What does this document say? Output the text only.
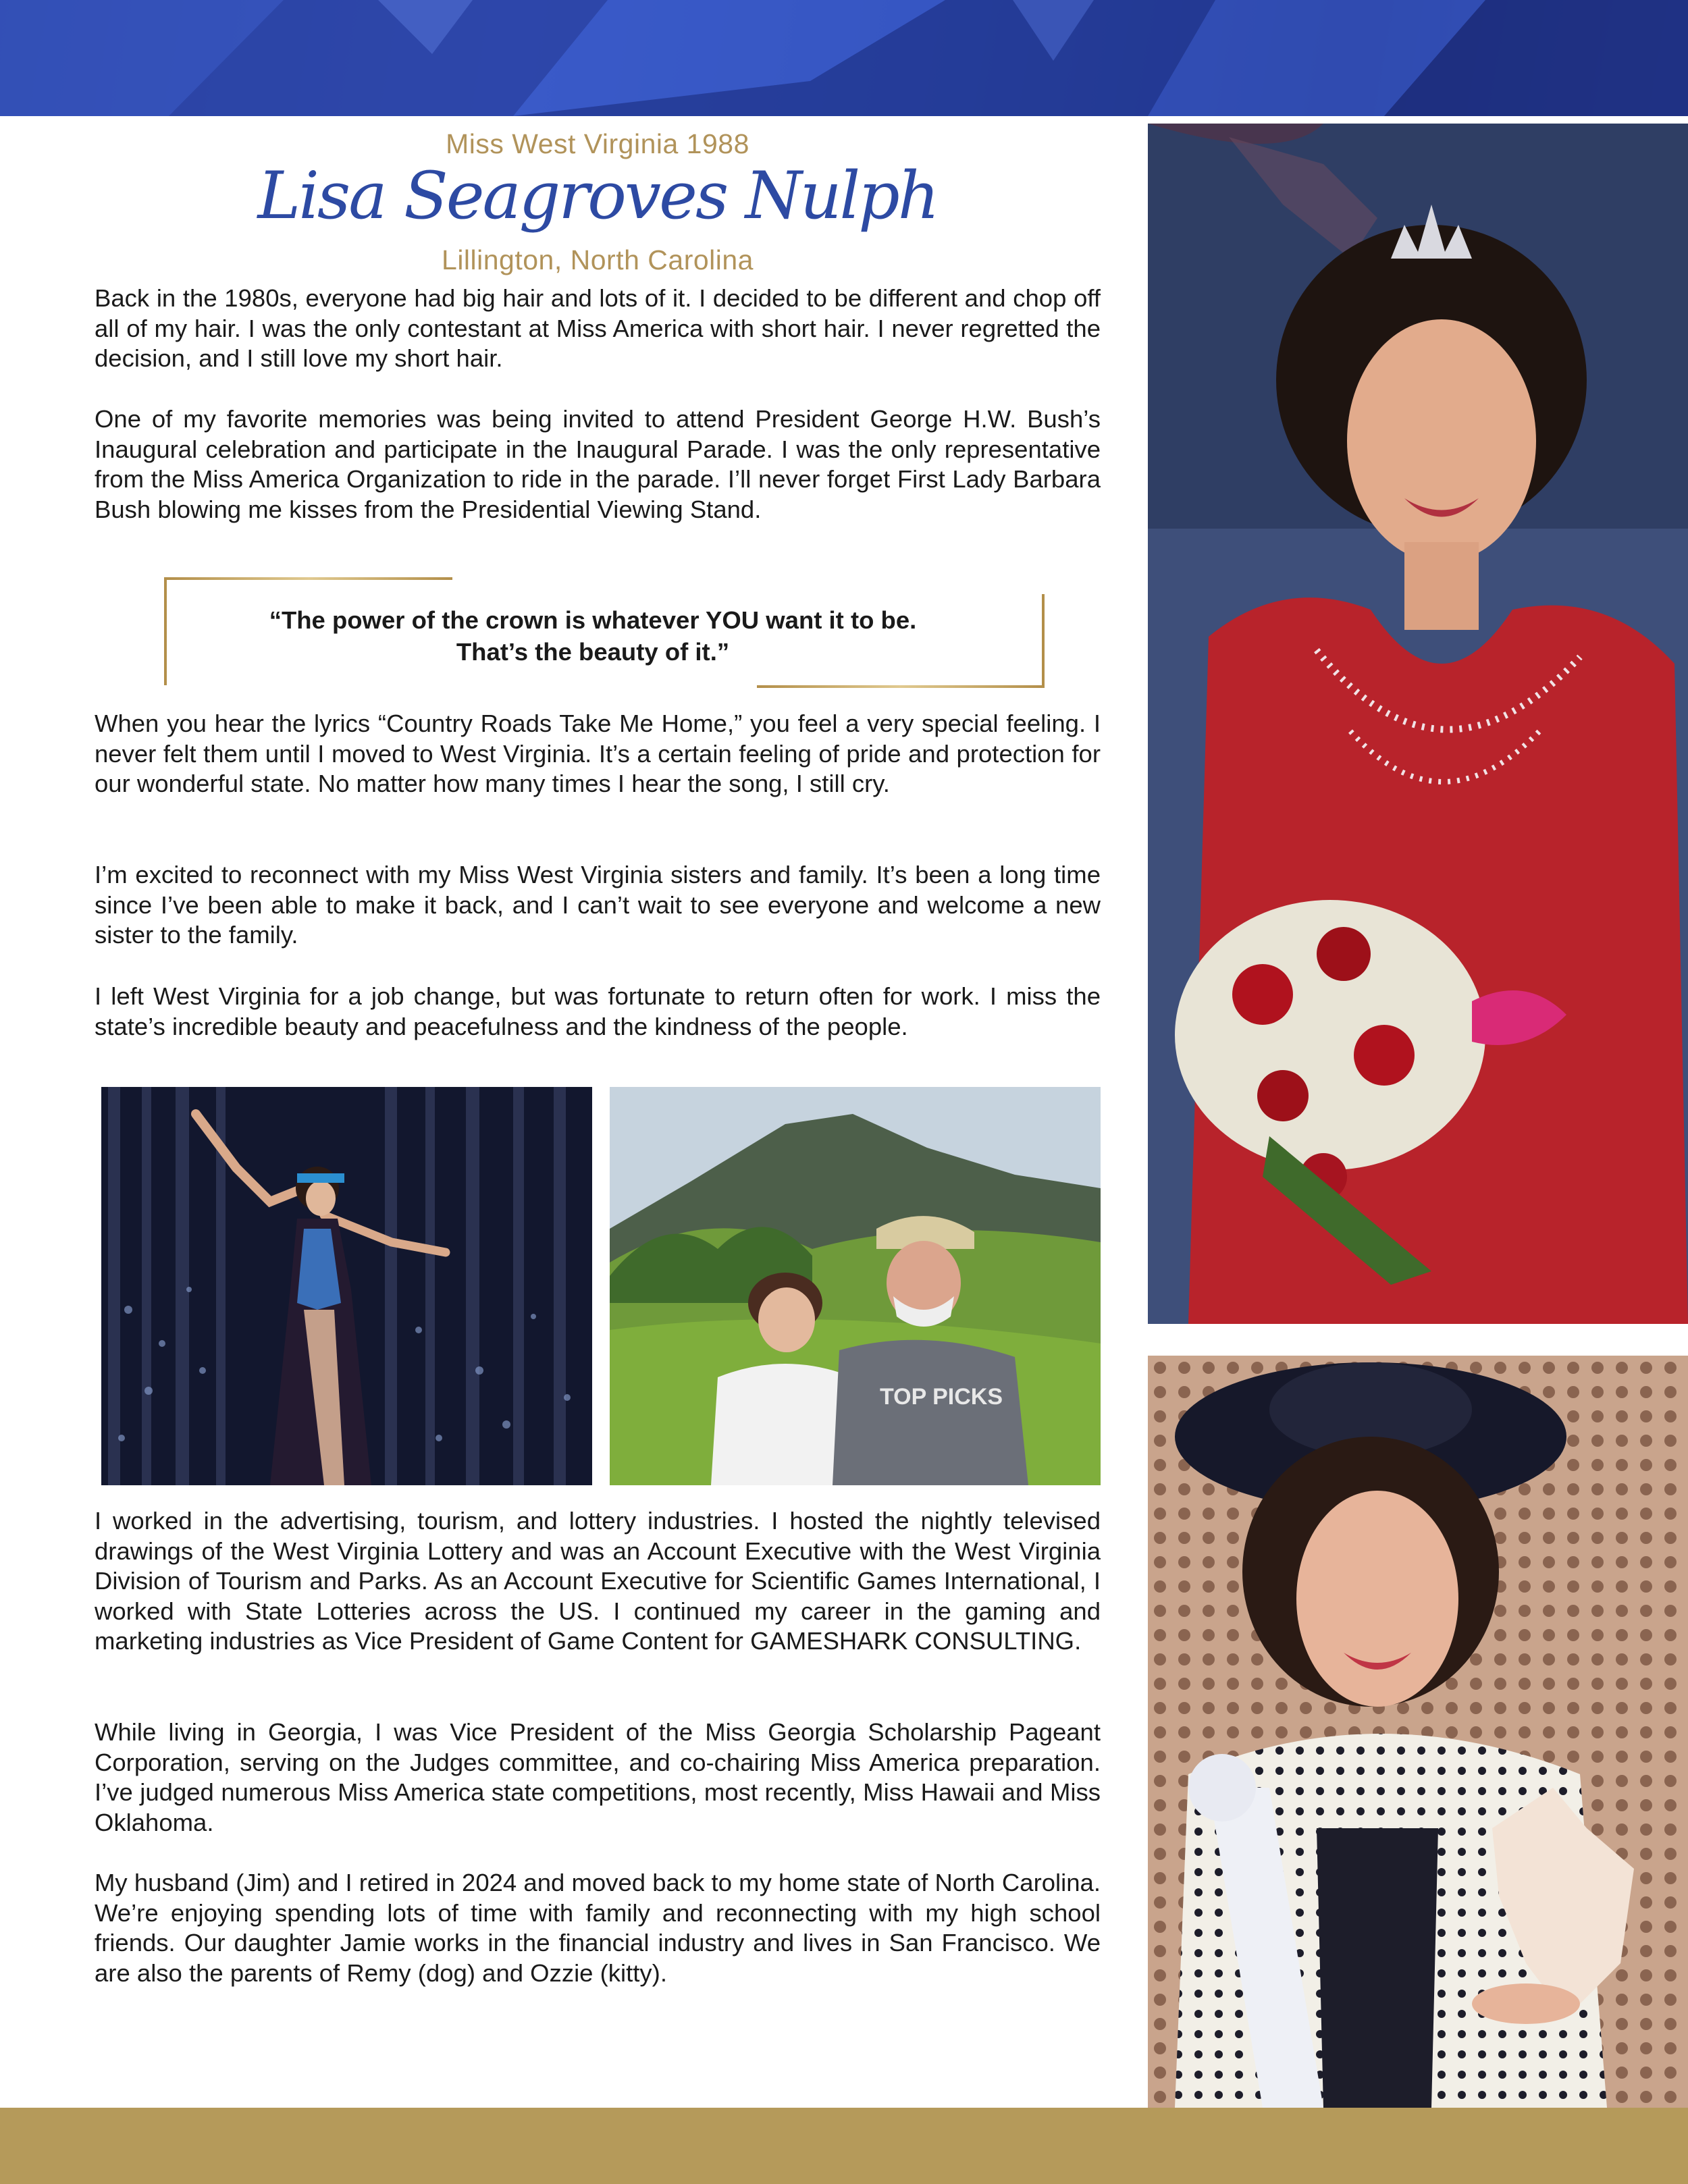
Miss West Virginia 1988
Lisa Seagroves Nulph
Lillington, North Carolina

Back in the 1980s, everyone had big hair and lots of it. I decided to be different and chop off all of my hair. I was the only contestant at Miss America with short hair. I never regretted the decision, and I still love my short hair.

One of my favorite memories was being invited to attend President George H.W. Bush’s Inaugural celebration and participate in the Inaugural Parade. I was the only representative from the Miss America Organization to ride in the parade. I’ll never forget First Lady Barbara Bush blowing me kisses from the Presidential Viewing Stand.

“The power of the crown is whatever YOU want it to be.
That’s the beauty of it.”

When you hear the lyrics “Country Roads Take Me Home,” you feel a very special feeling. I never felt them until I moved to West Virginia. It’s a certain feeling of pride and protection for our wonderful state. No matter how many times I hear the song, I still cry.

I’m excited to reconnect with my Miss West Virginia sisters and family. It’s been a long time since I’ve been able to make it back, and I can’t wait to see everyone and welcome a new sister to the family.

I left West Virginia for a job change, but was fortunate to return often for work. I miss the state’s incredible beauty and peacefulness and the kindness of the people.

TOP PICKS

I worked in the advertising, tourism, and lottery industries. I hosted the nightly televised drawings of the West Virginia Lottery and was an Account Executive with the West Virginia Division of Tourism and Parks. As an Account Executive for Scientific Games International, I worked with State Lotteries across the US. I continued my career in the gaming and marketing industries as Vice President of Game Content for GAMESHARK CONSULTING.

While living in Georgia, I was Vice President of the Miss Georgia Scholarship Pageant Corporation, serving on the Judges committee, and co-chairing Miss America preparation. I’ve judged numerous Miss America state competitions, most recently, Miss Hawaii and Miss Oklahoma.

My husband (Jim) and I retired in 2024 and moved back to my home state of North Carolina. We’re enjoying spending lots of time with family and reconnecting with my high school friends. Our daughter Jamie works in the financial industry and lives in San Francisco. We are also the parents of Remy (dog) and Ozzie (kitty).
